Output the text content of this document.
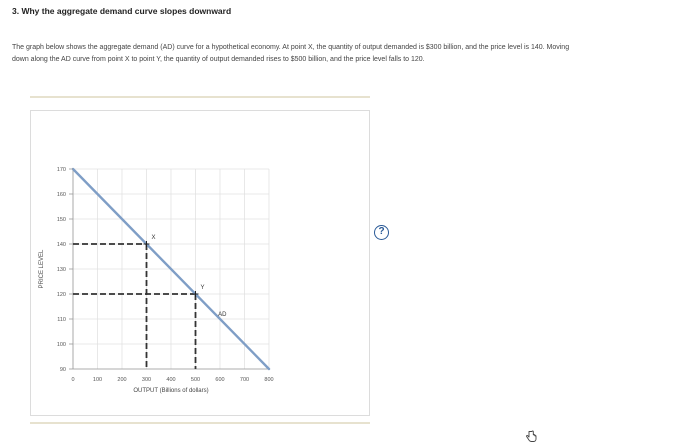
3. Why the aggregate demand curve slopes downward
The graph below shows the aggregate demand (AD) curve for a hypothetical economy. At point X, the quantity of output demanded is $300 billion, and the price level is 140. Moving down along the AD curve from point X to point Y, the quantity of output demanded rises to $500 billion, and the price level falls to 120.
90
100
110
120
130
140
150
160
170
0	100	200	300	400	500	600	700	800
AD
X
Y
OUTPUT (Billions of dollars)
PRICE LEVEL
?
